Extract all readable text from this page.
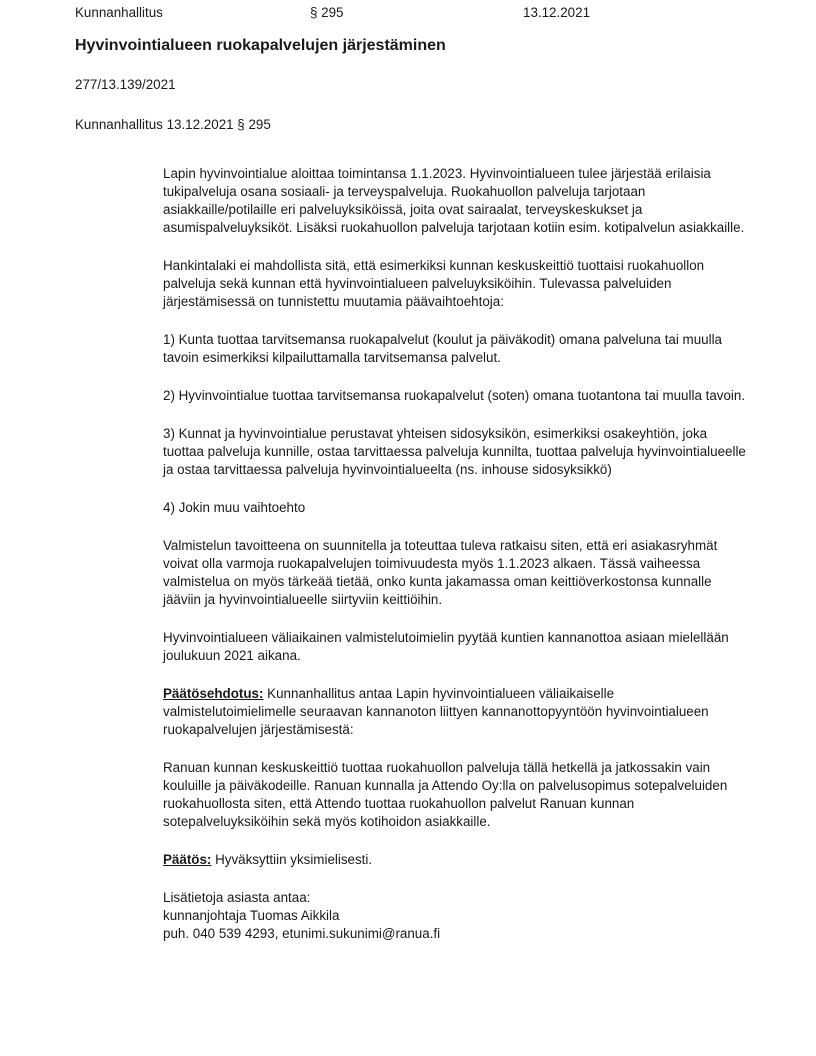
Kunnanhallitus	§ 295	13.12.2021
Hyvinvointialueen ruokapalvelujen järjestäminen
277/13.139/2021
Kunnanhallitus 13.12.2021 § 295

Lapin hyvinvointialue aloittaa toimintansa 1.1.2023. Hyvinvointialueen tulee järjestää erilaisia tukipalveluja osana sosiaali- ja terveyspalveluja. Ruokahuollon palveluja tarjotaan asiakkaille/potilaille eri palveluyksiköissä, joita ovat sairaalat, terveyskeskukset ja asumispalveluyksiköt. Lisäksi ruokahuollon palveluja tarjotaan kotiin esim. kotipalvelun asiakkaille.

Hankintalaki ei mahdollista sitä, että esimerkiksi kunnan keskuskeittiö tuottaisi ruokahuollon palveluja sekä kunnan että hyvinvointialueen palveluyksiköihin. Tulevassa palveluiden järjestämisessä on tunnistettu muutamia päävaihtoehtoja:

1) Kunta tuottaa tarvitsemansa ruokapalvelut (koulut ja päiväkodit) omana palveluna tai muulla tavoin esimerkiksi kilpailuttamalla tarvitsemansa palvelut.

2) Hyvinvointialue tuottaa tarvitsemansa ruokapalvelut (soten) omana tuotantona tai muulla tavoin.

3) Kunnat ja hyvinvointialue perustavat yhteisen sidosyksikön, esimerkiksi osakeyhtiön, joka tuottaa palveluja kunnille, ostaa tarvittaessa palveluja kunnilta, tuottaa palveluja hyvinvointialueelle ja ostaa tarvittaessa palveluja hyvinvointialueelta (ns. inhouse sidosyksikkö)

4) Jokin muu vaihtoehto

Valmistelun tavoitteena on suunnitella ja toteuttaa tuleva ratkaisu siten, että eri asiakasryhmät voivat olla varmoja ruokapalvelujen toimivuudesta myös 1.1.2023 alkaen. Tässä vaiheessa valmistelua on myös tärkeää tietää, onko kunta jakamassa oman keittiöverkostonsa kunnalle jääviin ja hyvinvointialueelle siirtyviin keittiöihin.

Hyvinvointialueen väliaikainen valmistelutoimielin pyytää kuntien kannanottoa asiaan mielellään joulukuun 2021 aikana.

Päätösehdotus: Kunnanhallitus antaa Lapin hyvinvointialueen väliaikaiselle valmistelutoimielimelle seuraavan kannanoton liittyen kannanottopyyntöön hyvinvointialueen ruokapalvelujen järjestämisestä:

Ranuan kunnan keskuskeittiö tuottaa ruokahuollon palveluja tällä hetkellä ja jatkossakin vain kouluille ja päiväkodeille. Ranuan kunnalla ja Attendo Oy:lla on palvelusopimus sotepalveluiden ruokahuollosta siten, että Attendo tuottaa ruokahuollon palvelut Ranuan kunnan sotepalveluyksiköihin sekä myös kotihoidon asiakkaille.

Päätös: Hyväksyttiin yksimielisesti.

Lisätietoja asiasta antaa:
kunnanjohtaja Tuomas Aikkila
puh. 040 539 4293, etunimi.sukunimi@ranua.fi
